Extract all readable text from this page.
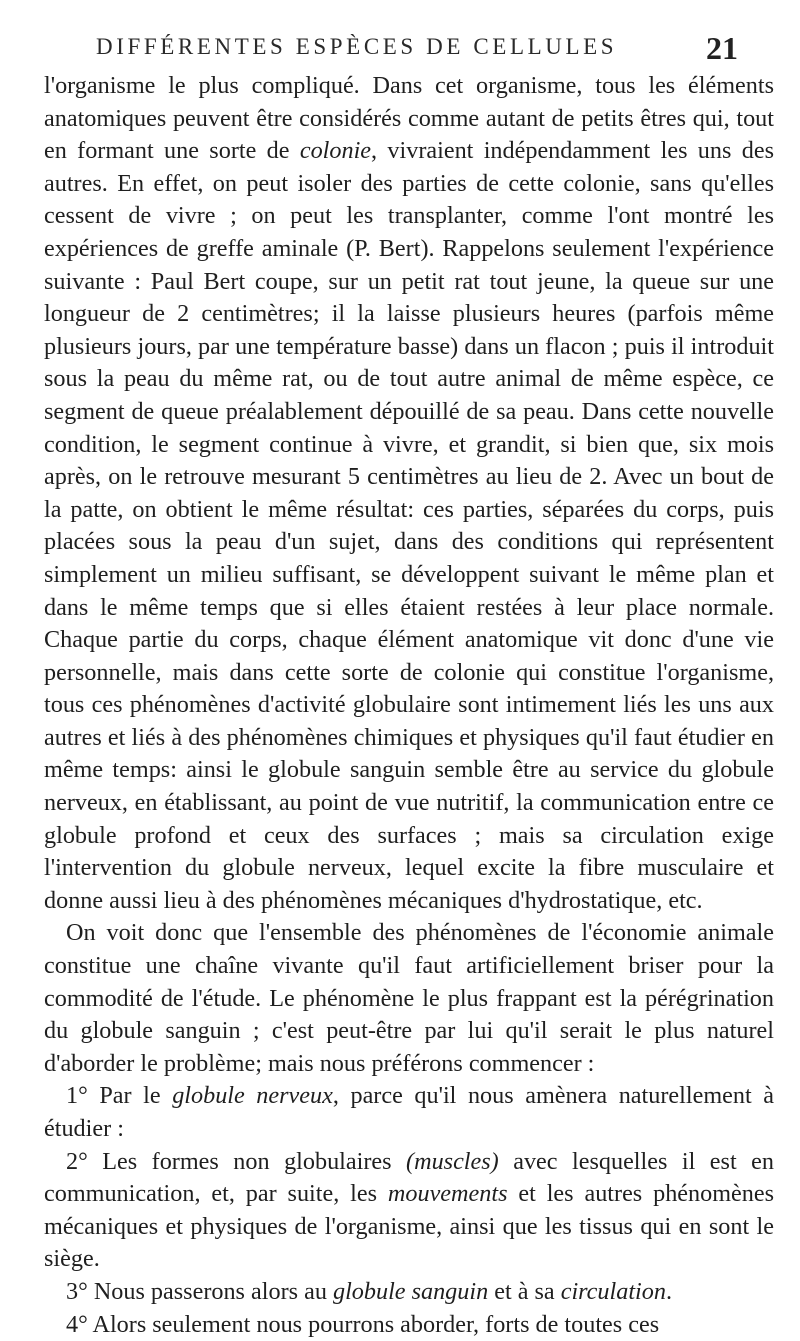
DIFFÉRENTES ESPÈCES DE CELLULES	21

l'organisme le plus compliqué. Dans cet organisme, tous les éléments anatomiques peuvent être considérés comme autant de petits êtres qui, tout en formant une sorte de colonie, vivraient indépendamment les uns des autres. En effet, on peut isoler des parties de cette colonie, sans qu'elles cessent de vivre ; on peut les transplanter, comme l'ont montré les expériences de greffe aminale (P. Bert). Rappelons seulement l'expérience suivante : Paul Bert coupe, sur un petit rat tout jeune, la queue sur une longueur de 2 centimètres; il la laisse plusieurs heures (parfois même plusieurs jours, par une température basse) dans un flacon ; puis il introduit sous la peau du même rat, ou de tout autre animal de même espèce, ce segment de queue préalablement dépouillé de sa peau. Dans cette nouvelle condition, le segment continue à vivre, et grandit, si bien que, six mois après, on le retrouve mesurant 5 centimètres au lieu de 2. Avec un bout de la patte, on obtient le même résultat: ces parties, séparées du corps, puis placées sous la peau d'un sujet, dans des conditions qui représentent simplement un milieu suffisant, se développent suivant le même plan et dans le même temps que si elles étaient restées à leur place normale. Chaque partie du corps, chaque élément anatomique vit donc d'une vie personnelle, mais dans cette sorte de colonie qui constitue l'organisme, tous ces phénomènes d'activité globulaire sont intimement liés les uns aux autres et liés à des phénomènes chimiques et physiques qu'il faut étudier en même temps: ainsi le globule sanguin semble être au service du globule nerveux, en établissant, au point de vue nutritif, la communication entre ce globule profond et ceux des surfaces ; mais sa circulation exige l'intervention du globule nerveux, lequel excite la fibre musculaire et donne aussi lieu à des phénomènes mécaniques d'hydrostatique, etc.

On voit donc que l'ensemble des phénomènes de l'économie animale constitue une chaîne vivante qu'il faut artificiellement briser pour la commodité de l'étude. Le phénomène le plus frappant est la pérégrination du globule sanguin ; c'est peut-être par lui qu'il serait le plus naturel d'aborder le problème; mais nous préférons commencer :

1° Par le globule nerveux, parce qu'il nous amènera naturellement à étudier :

2° Les formes non globulaires (muscles) avec lesquelles il est en communication, et, par suite, les mouvements et les autres phénomènes mécaniques et physiques de l'organisme, ainsi que les tissus qui en sont le siège.

3° Nous passerons alors au globule sanguin et à sa circulation.

4° Alors seulement nous pourrons aborder, forts de toutes ces
